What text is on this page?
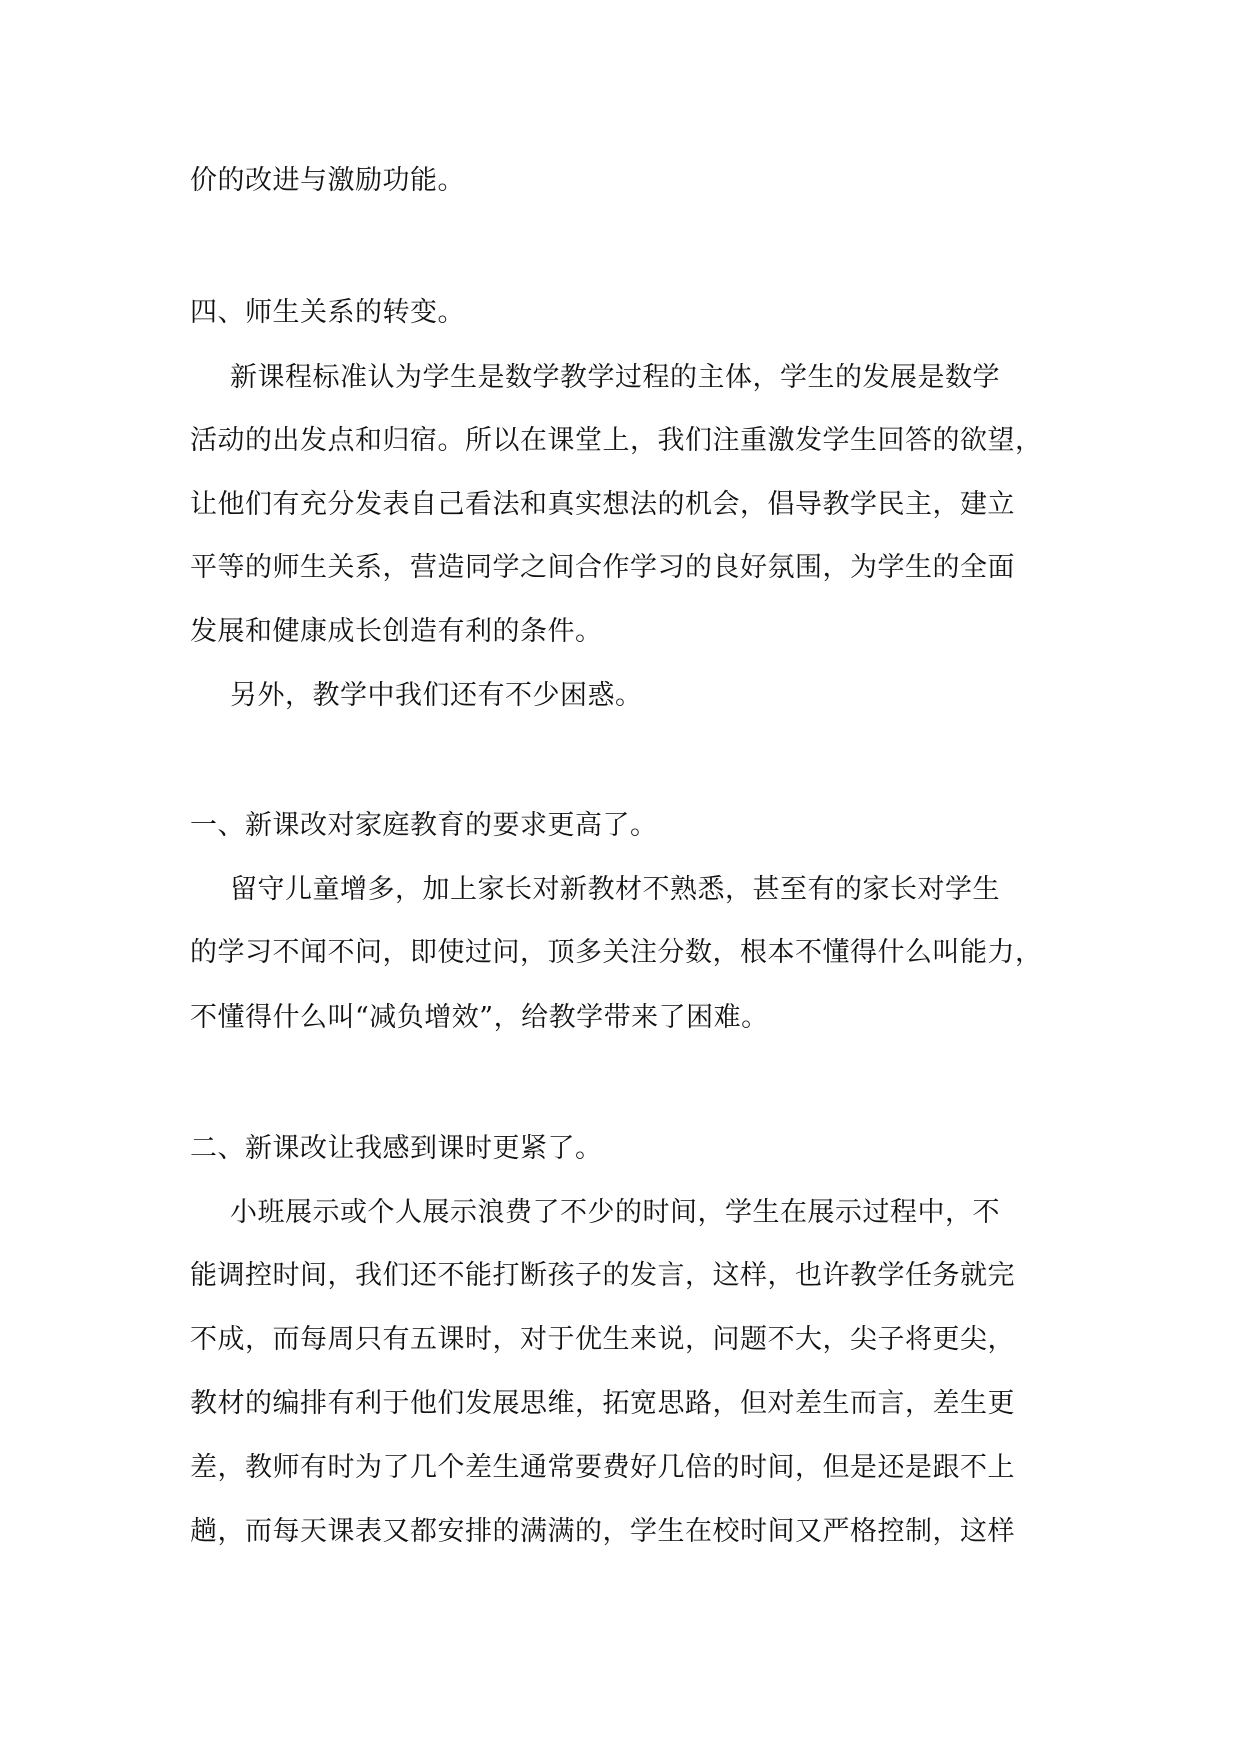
价的改进与激励功能。
四、师生关系的转变。
新课程标准认为学生是数学教学过程的主体，学生的发展是数学
活动的出发点和归宿。所以在课堂上，我们注重激发学生回答的欲望，
让他们有充分发表自己看法和真实想法的机会，倡导教学民主，建立
平等的师生关系，营造同学之间合作学习的良好氛围，为学生的全面
发展和健康成长创造有利的条件。
另外，教学中我们还有不少困惑。
一、新课改对家庭教育的要求更高了。
留守儿童增多，加上家长对新教材不熟悉，甚至有的家长对学生
的学习不闻不问，即使过问，顶多关注分数，根本不懂得什么叫能力，
不懂得什么叫“减负增效”，给教学带来了困难。
二、新课改让我感到课时更紧了。
小班展示或个人展示浪费了不少的时间，学生在展示过程中，不
能调控时间，我们还不能打断孩子的发言，这样，也许教学任务就完
不成，而每周只有五课时，对于优生来说，问题不大，尖子将更尖，
教材的编排有利于他们发展思维，拓宽思路，但对差生而言，差生更
差，教师有时为了几个差生通常要费好几倍的时间，但是还是跟不上
趟，而每天课表又都安排的满满的，学生在校时间又严格控制，这样
